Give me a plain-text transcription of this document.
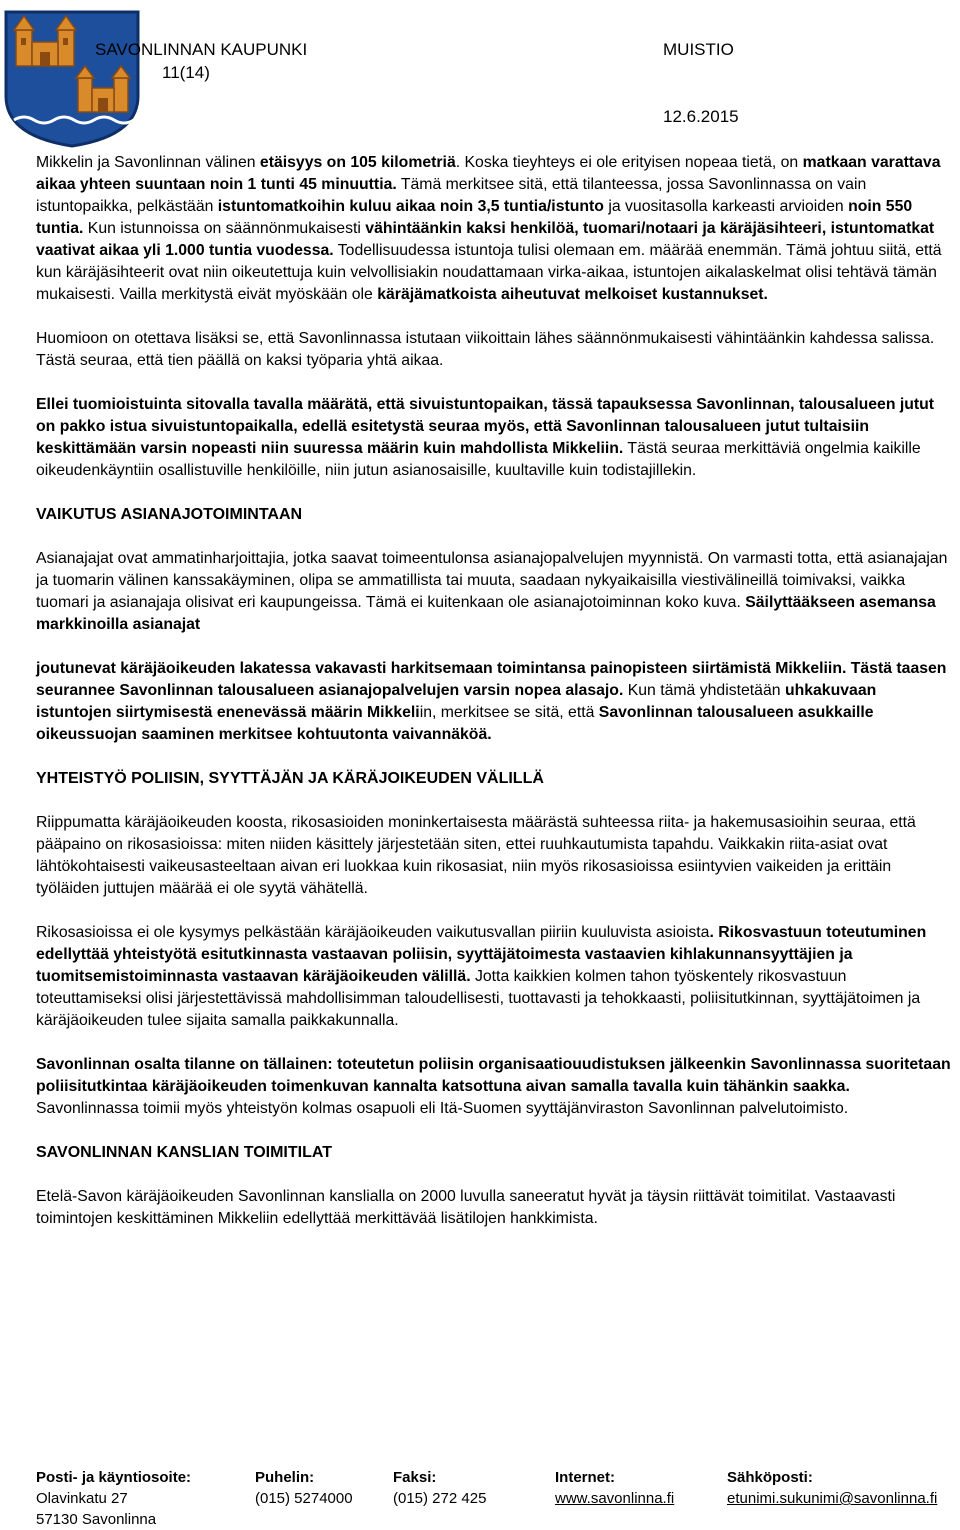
SAVONLINNAN KAUPUNKI
11(14)
MUISTIO
12.6.2015

Mikkelin ja Savonlinnan välinen etäisyys on 105 kilometriä. Koska tieyhteys ei ole erityisen nopeaa tietä, on matkaan varattava aikaa yhteen suuntaan noin 1 tunti 45 minuuttia. Tämä merkitsee sitä, että tilanteessa, jossa Savonlinnassa on vain istuntopaikka, pelkästään istuntomatkoihin kuluu aikaa noin 3,5 tuntia/istunto ja vuositasolla karkeasti arvioiden noin 550 tuntia. Kun istunnoissa on säännönmukaisesti vähintäänkin kaksi henkilöä, tuomari/notaari ja käräjäsihteeri, istuntomatkat vaativat aikaa yli 1.000 tuntia vuodessa. Todellisuudessa istuntoja tulisi olemaan em. määrää enemmän. Tämä johtuu siitä, että kun käräjäsihteerit ovat niin oikeutettuja kuin velvollisiakin noudattamaan virka-aikaa, istuntojen aikalaskelmat olisi tehtävä tämän mukaisesti. Vailla merkitystä eivät myöskään ole käräjämatkoista aiheutuvat melkoiset kustannukset.

Huomioon on otettava lisäksi se, että Savonlinnassa istutaan viikoittain lähes säännönmukaisesti vähintäänkin kahdessa salissa. Tästä seuraa, että tien päällä on kaksi työparia yhtä aikaa.

Ellei tuomioistuinta sitovalla tavalla määrätä, että sivuistuntopaikan, tässä tapauksessa Savonlinnan, talousalueen jutut on pakko istua sivuistuntopaikalla, edellä esitetystä seuraa myös, että Savonlinnan talousalueen jutut tultaisiin keskittämään varsin nopeasti niin suuressa määrin kuin mahdollista Mikkeliin. Tästä seuraa merkittäviä ongelmia kaikille oikeudenkäyntiin osallistuville henkilöille, niin jutun asianosaisille, kuultaville kuin todistajillekin.

VAIKUTUS ASIANAJOTOIMINTAAN

Asianajajat ovat ammatinharjoittajia, jotka saavat toimeentulonsa asianajopalvelujen myynnistä. On varmasti totta, että asianajajan ja tuomarin välinen kanssakäyminen, olipa se ammatillista tai muuta, saadaan nykyaikaisilla viestivälineillä toimivaksi, vaikka tuomari ja asianajaja olisivat eri kaupungeissa. Tämä ei kuitenkaan ole asianajotoiminnan koko kuva. Säilyttääkseen asemansa markkinoilla asianajat

joutunevat käräjäoikeuden lakatessa vakavasti harkitsemaan toimintansa painopisteen siirtämistä Mikkeliin. Tästä taasen seurannee Savonlinnan talousalueen asianajopalvelujen varsin nopea alasajo. Kun tämä yhdistetään uhkakuvaan istuntojen siirtymisestä enenevässä määrin Mikkeliin, merkitsee se sitä, että Savonlinnan talousalueen asukkaille oikeussuojan saaminen merkitsee kohtuutonta vaivannäköä.

YHTEISTYÖ POLIISIN, SYYTTÄJÄN JA KÄRÄJOIKEUDEN VÄLILLÄ

Riippumatta käräjäoikeuden koosta, rikosasioiden moninkertaisesta määrästä suhteessa riita- ja hakemusasioihin seuraa, että pääpaino on rikosasioissa: miten niiden käsittely järjestetään siten, ettei ruuhkautumista tapahdu. Vaikkakin riita-asiat ovat lähtökohtaisesti vaikeusasteeltaan aivan eri luokkaa kuin rikosasiat, niin myös rikosasioissa esiintyvien vaikeiden ja erittäin työläiden juttujen määrää ei ole syytä vähätellä.

Rikosasioissa ei ole kysymys pelkästään käräjäoikeuden vaikutusvallan piiriin kuuluvista asioista. Rikosvastuun toteutuminen edellyttää yhteistyötä esitutkinnasta vastaavan poliisin, syyttäjätoimesta vastaavien kihlakunnansyyttäjien ja tuomitsemistoiminnasta vastaavan käräjäoikeuden välillä. Jotta kaikkien kolmen tahon työskentely rikosvastuun toteuttamiseksi olisi järjestettävissä mahdollisimman taloudellisesti, tuottavasti ja tehokkaasti, poliisitutkinnan, syyttäjätoimen ja käräjäoikeuden tulee sijaita samalla paikkakunnalla.

Savonlinnan osalta tilanne on tällainen: toteutetun poliisin organisaatiouudistuksen jälkeenkin Savonlinnassa suoritetaan poliisitutkintaa käräjäoikeuden toimenkuvan kannalta katsottuna aivan samalla tavalla kuin tähänkin saakka. Savonlinnassa toimii myös yhteistyön kolmas osapuoli eli Itä-Suomen syyttäjänviraston Savonlinnan palvelutoimisto.

SAVONLINNAN KANSLIAN TOIMITILAT

Etelä-Savon käräjäoikeuden Savonlinnan kanslialla on 2000 luvulla saneeratut hyvät ja täysin riittävät toimitilat. Vastaavasti toimintojen keskittäminen Mikkeliin edellyttää merkittävää lisätilojen hankkimista.

Posti- ja käyntiosoite:
Olavinkatu 27
57130 Savonlinna
Puhelin:
(015) 5274000
Faksi:
(015) 272 425
Internet:
www.savonlinna.fi
Sähköposti:
etunimi.sukunimi@savonlinna.fi
